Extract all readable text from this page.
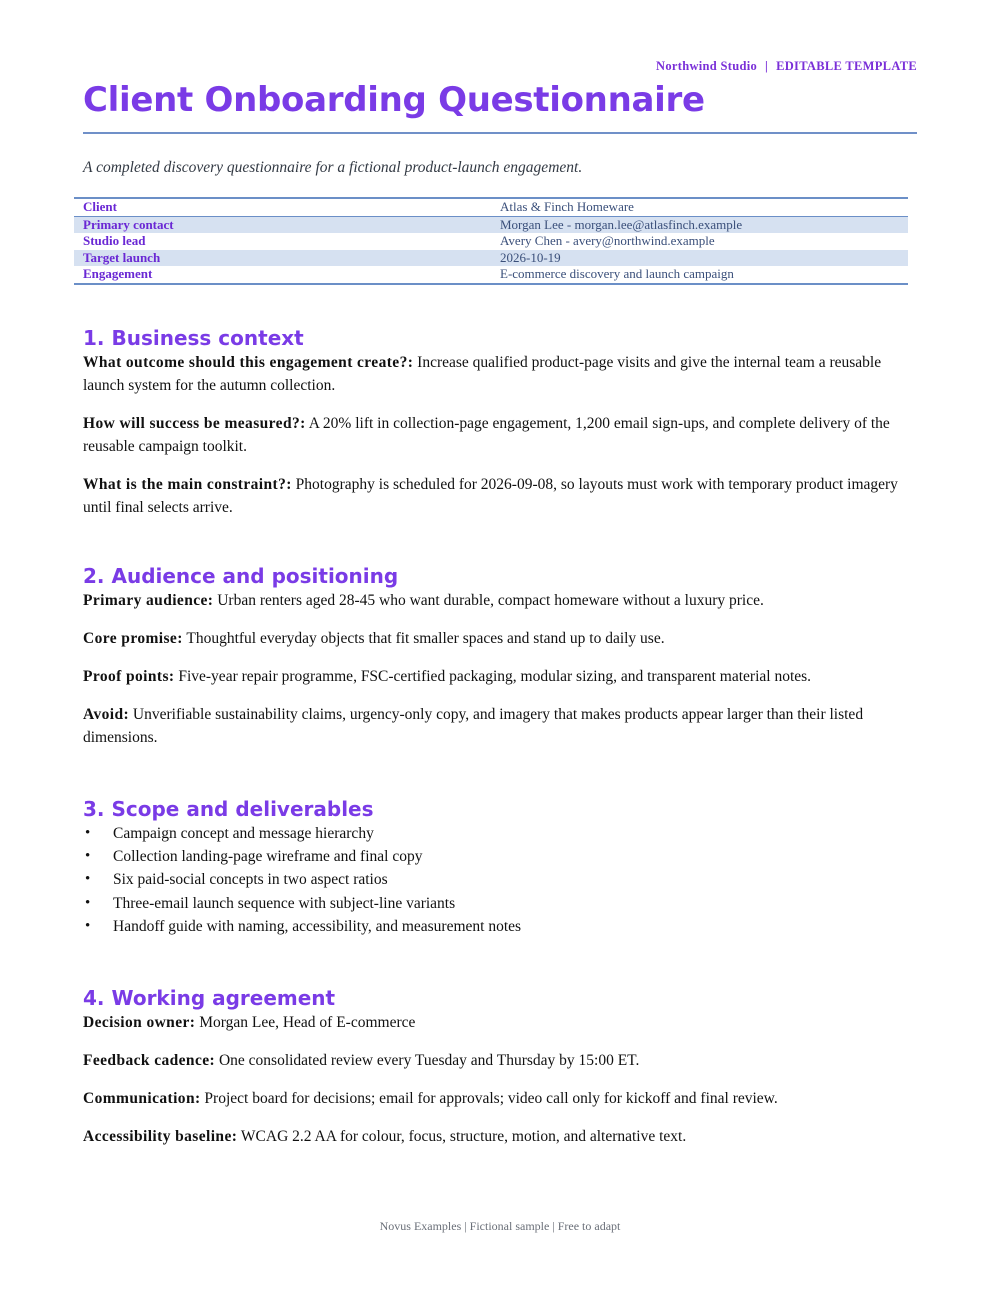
Northwind Studio | EDITABLE TEMPLATE
Client Onboarding Questionnaire
A completed discovery questionnaire for a fictional product-launch engagement.
Client	Atlas & Finch Homeware
Primary contact	Morgan Lee - morgan.lee@atlasfinch.example
Studio lead	Avery Chen - avery@northwind.example
Target launch	2026-10-19
Engagement	E-commerce discovery and launch campaign
1. Business context

What outcome should this engagement create?: Increase qualified product-page visits and give the internal team a reusable launch system for the autumn collection.

How will success be measured?: A 20% lift in collection-page engagement, 1,200 email sign-ups, and complete delivery of the reusable campaign toolkit.

What is the main constraint?: Photography is scheduled for 2026-09-08, so layouts must work with temporary product imagery until final selects arrive.

2. Audience and positioning

Primary audience: Urban renters aged 28-45 who want durable, compact homeware without a luxury price.

Core promise: Thoughtful everyday objects that fit smaller spaces and stand up to daily use.

Proof points: Five-year repair programme, FSC-certified packaging, modular sizing, and transparent material notes.

Avoid: Unverifiable sustainability claims, urgency-only copy, and imagery that makes products appear larger than their listed dimensions.

3. Scope and deliverables
• Campaign concept and message hierarchy
• Collection landing-page wireframe and final copy
• Six paid-social concepts in two aspect ratios
• Three-email launch sequence with subject-line variants
• Handoff guide with naming, accessibility, and measurement notes
4. Working agreement

Decision owner: Morgan Lee, Head of E-commerce

Feedback cadence: One consolidated review every Tuesday and Thursday by 15:00 ET.

Communication: Project board for decisions; email for approvals; video call only for kickoff and final review.

Accessibility baseline: WCAG 2.2 AA for colour, focus, structure, motion, and alternative text.

Novus Examples | Fictional sample | Free to adapt
